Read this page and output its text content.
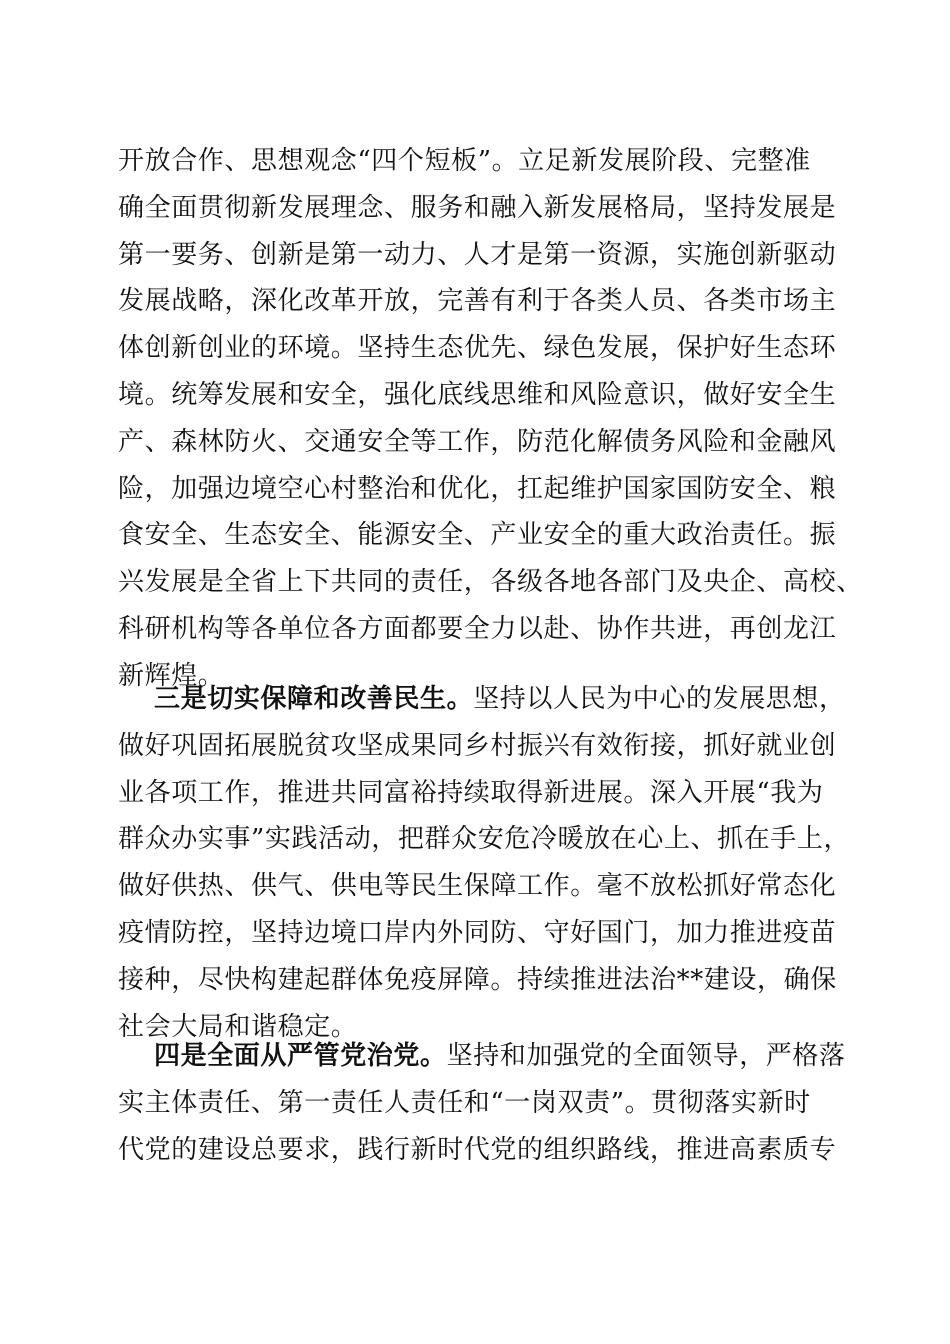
开放合作、思想观念“四个短板”。立足新发展阶段、完整准
确全面贯彻新发展理念、服务和融入新发展格局，坚持发展是
第一要务、创新是第一动力、人才是第一资源，实施创新驱动
发展战略，深化改革开放，完善有利于各类人员、各类市场主
体创新创业的环境。坚持生态优先、绿色发展，保护好生态环
境。统筹发展和安全，强化底线思维和风险意识，做好安全生
产、森林防火、交通安全等工作，防范化解债务风险和金融风
险，加强边境空心村整治和优化，扛起维护国家国防安全、粮
食安全、生态安全、能源安全、产业安全的重大政治责任。振
兴发展是全省上下共同的责任，各级各地各部门及央企、高校、
科研机构等各单位各方面都要全力以赴、协作共进，再创龙江
新辉煌。
三是切实保障和改善民生。坚持以人民为中心的发展思想，
做好巩固拓展脱贫攻坚成果同乡村振兴有效衔接，抓好就业创
业各项工作，推进共同富裕持续取得新进展。深入开展“我为
群众办实事”实践活动，把群众安危冷暖放在心上、抓在手上，
做好供热、供气、供电等民生保障工作。毫不放松抓好常态化
疫情防控，坚持边境口岸内外同防、守好国门，加力推进疫苗
接种，尽快构建起群体免疫屏障。持续推进法治**建设，确保
社会大局和谐稳定。
四是全面从严管党治党。坚持和加强党的全面领导，严格落
实主体责任、第一责任人责任和“一岗双责”。贯彻落实新时
代党的建设总要求，践行新时代党的组织路线，推进高素质专
